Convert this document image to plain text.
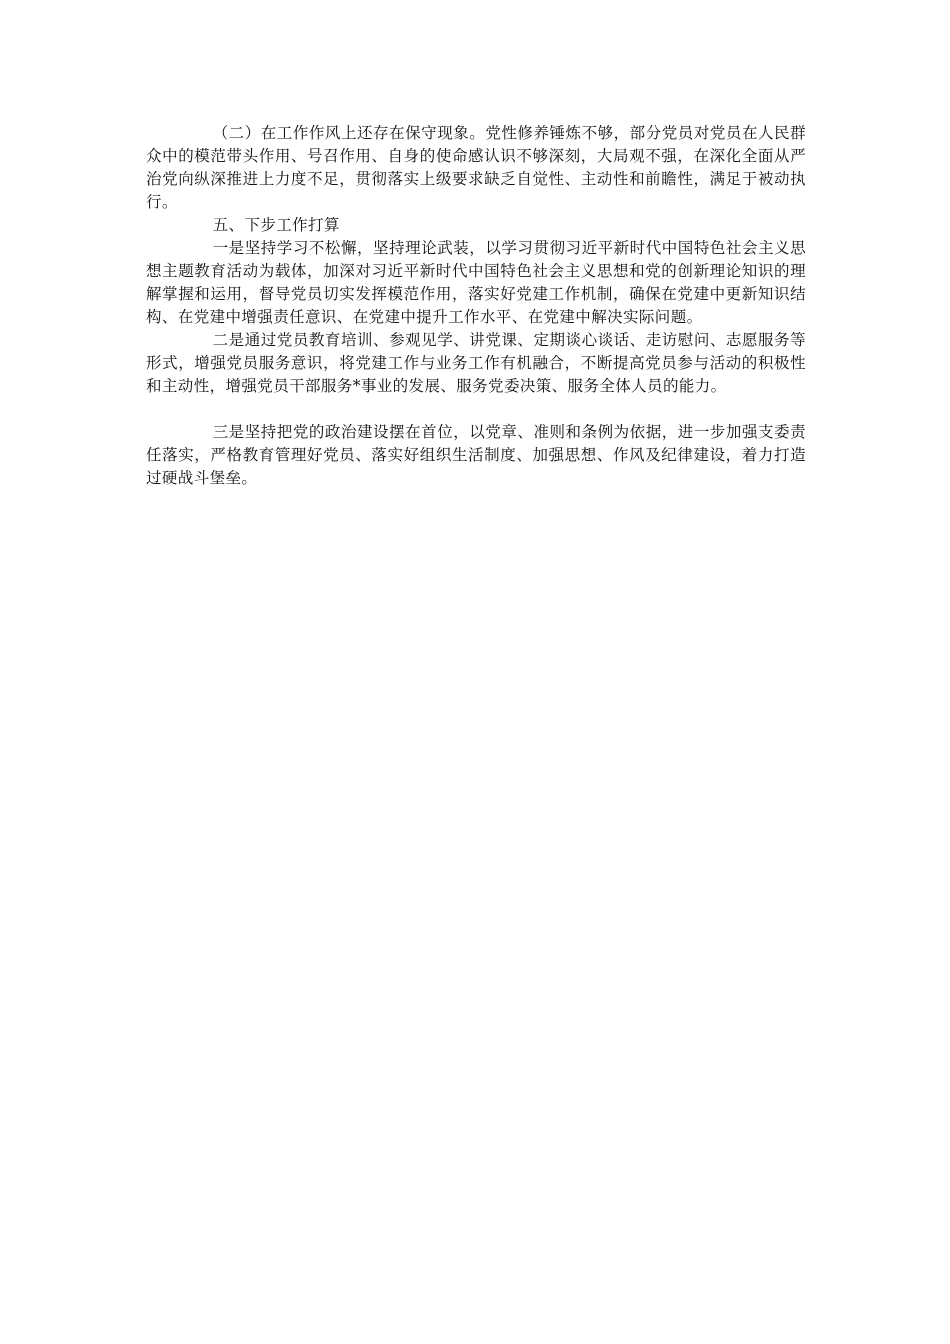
（二）在工作作风上还存在保守现象。党性修养锤炼不够，部分党员对党员在人民群众中的模范带头作用、号召作用、自身的使命感认识不够深刻，大局观不强，在深化全面从严治党向纵深推进上力度不足，贯彻落实上级要求缺乏自觉性、主动性和前瞻性，满足于被动执行。

五、下步工作打算

一是坚持学习不松懈，坚持理论武装，以学习贯彻习近平新时代中国特色社会主义思想主题教育活动为载体，加深对习近平新时代中国特色社会主义思想和党的创新理论知识的理解掌握和运用，督导党员切实发挥模范作用，落实好党建工作机制，确保在党建中更新知识结构、在党建中增强责任意识、在党建中提升工作水平、在党建中解决实际问题。

二是通过党员教育培训、参观见学、讲党课、定期谈心谈话、走访慰问、志愿服务等形式，增强党员服务意识，将党建工作与业务工作有机融合，不断提高党员参与活动的积极性和主动性，增强党员干部服务*事业的发展、服务党委决策、服务全体人员的能力。

三是坚持把党的政治建设摆在首位，以党章、准则和条例为依据，进一步加强支委责任落实，严格教育管理好党员、落实好组织生活制度、加强思想、作风及纪律建设，着力打造过硬战斗堡垒。
